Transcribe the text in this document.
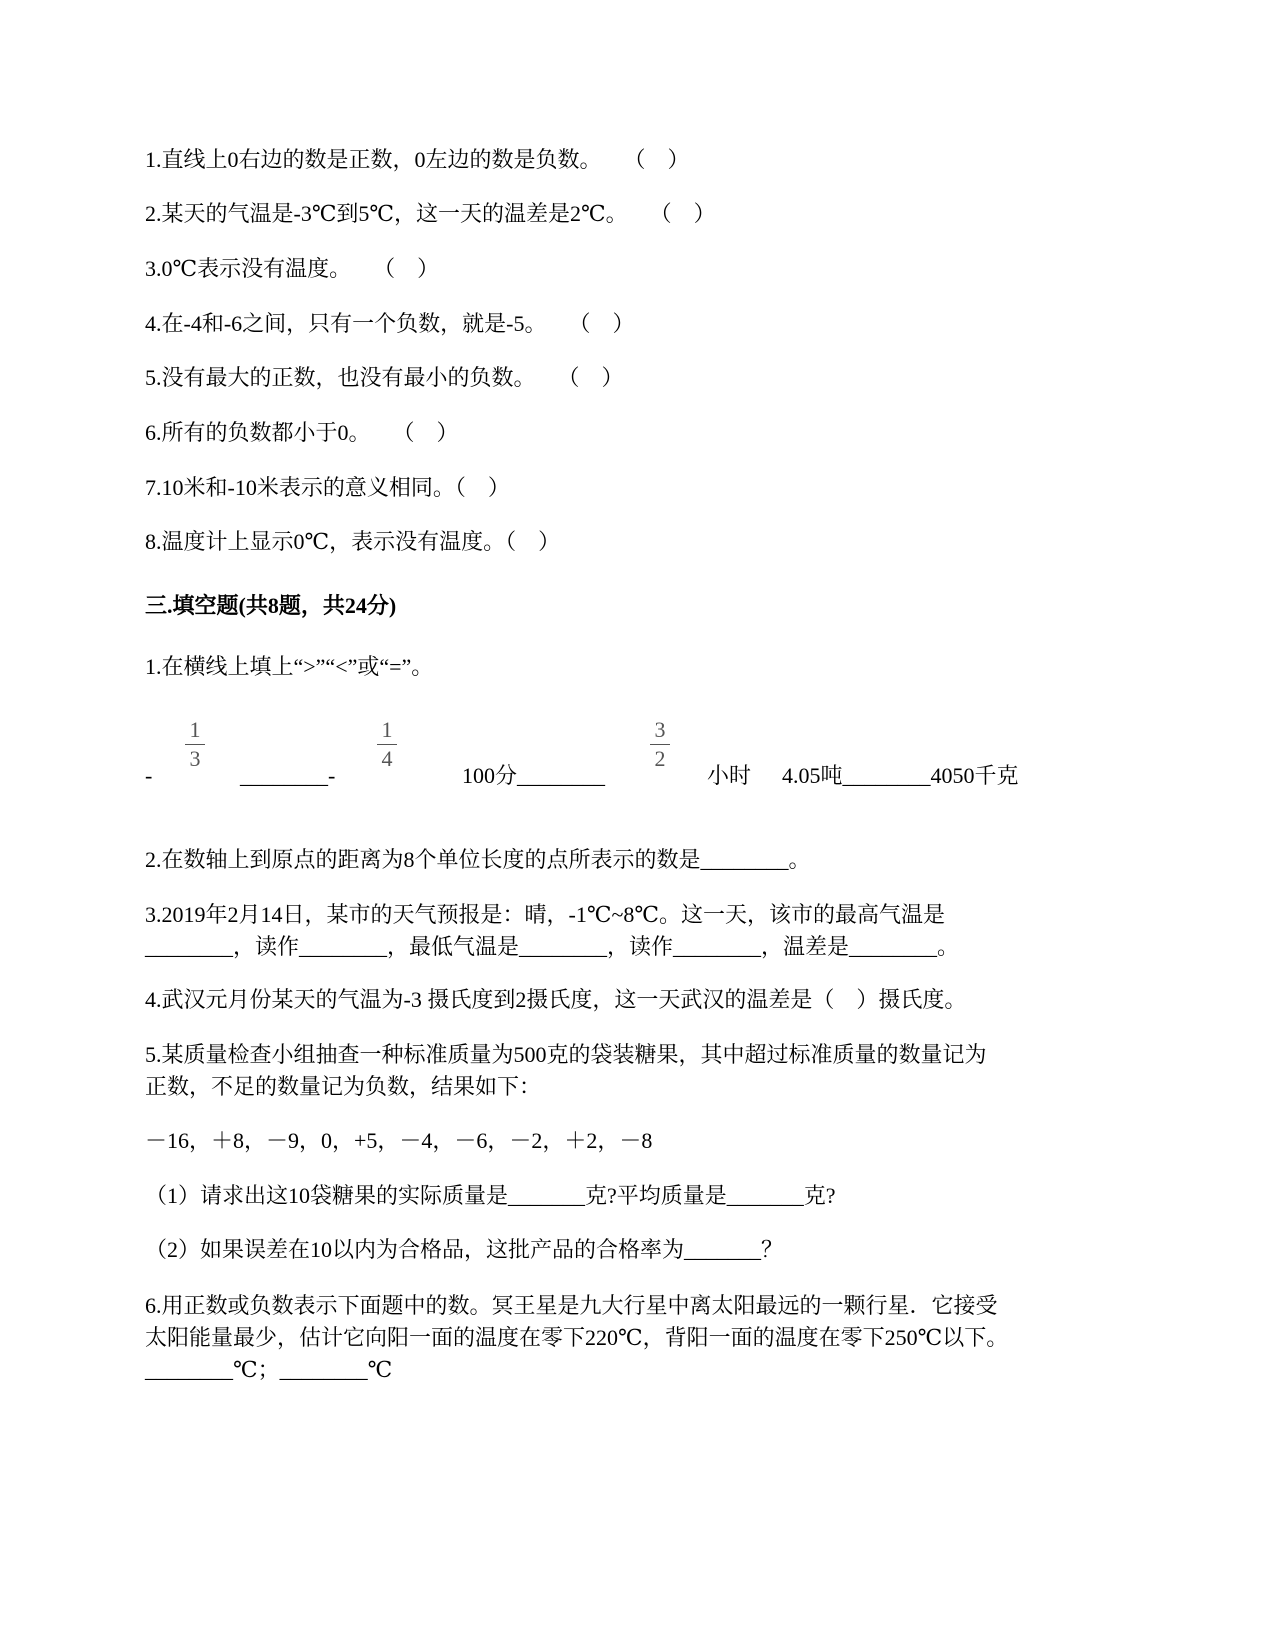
1.直线上0右边的数是正数，0左边的数是负数。　　（　）
2.某天的气温是-3℃到5℃，这一天的温差是2℃。　　（　）
3.0℃表示没有温度。　　（　）
4.在-4和-6之间，只有一个负数，就是-5。　　（　）
5.没有最大的正数，也没有最小的负数。　　（　）
6.所有的负数都小于0。　　（　）
7.10米和-10米表示的意义相同。（　）
8.温度计上显示0℃，表示没有温度。（　）
三.填空题(共8题，共24分)
1.在横线上填上“>”“<”或“=”。
1
3
1
4
3
2
-	________-	100分________	小时 4.05吨________4050千克
2.在数轴上到原点的距离为8个单位长度的点所表示的数是________。
3.2019年2月14日，某市的天气预报是：晴，-1℃~8℃。这一天，该市的最高气温是
________，读作________，最低气温是________，读作________，温差是________。
4.武汉元月份某天的气温为-3 摄氏度到2摄氏度，这一天武汉的温差是（　）摄氏度。
5.某质量检查小组抽查一种标准质量为500克的袋装糖果，其中超过标准质量的数量记为
正数，不足的数量记为负数，结果如下：
－16，＋8，－9，0，+5，－4，－6，－2，＋2，－8
（1）请求出这10袋糖果的实际质量是_______克?平均质量是_______克?
（2）如果误差在10以内为合格品，这批产品的合格率为_______？
6.用正数或负数表示下面题中的数。冥王星是九大行星中离太阳最远的一颗行星．它接受
太阳能量最少，估计它向阳一面的温度在零下220℃，背阳一面的温度在零下250℃以下。
________℃；________℃
